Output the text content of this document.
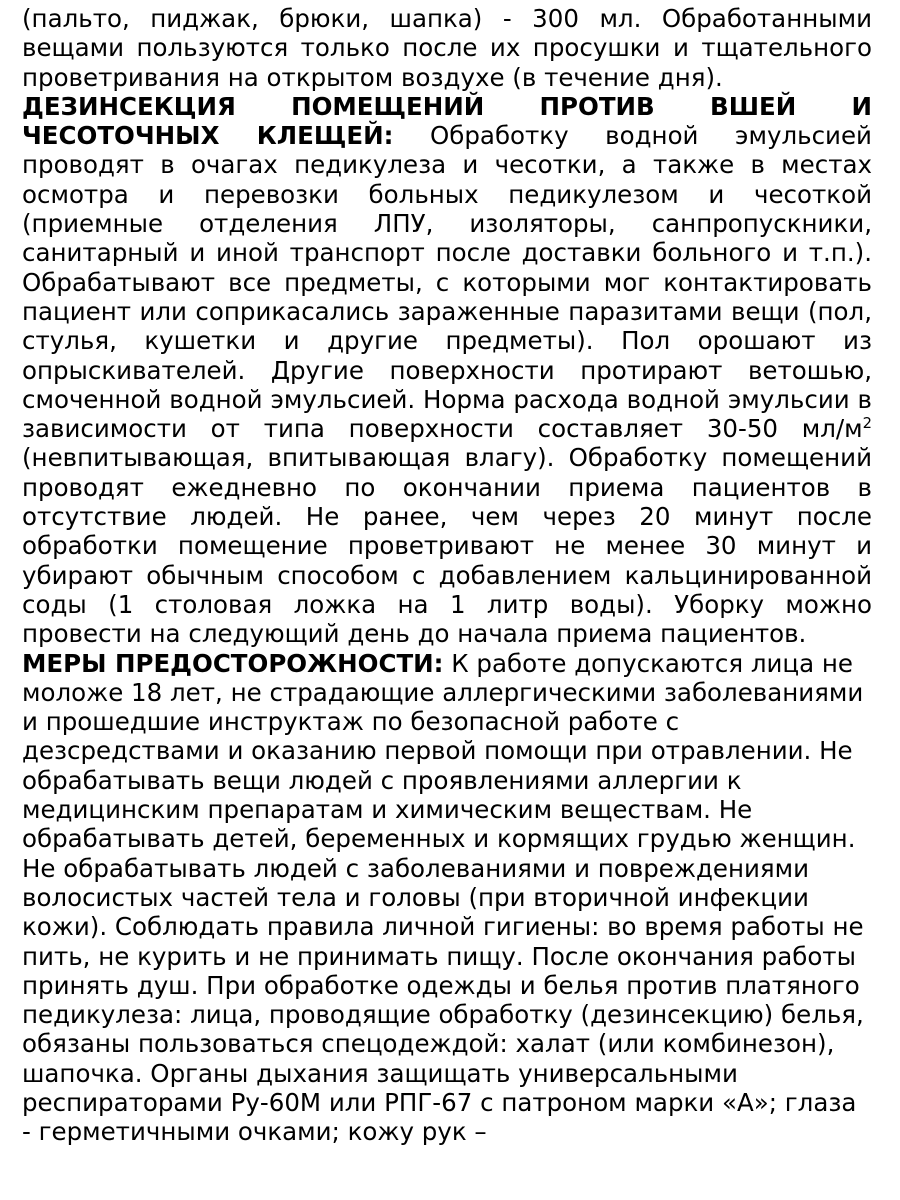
(пальто, пиджак, брюки, шапка) - 300 мл. Обработанными вещами пользуются только после их просушки и тщательного проветривания на открытом воздухе (в течение дня).

ДЕЗИНСЕКЦИЯ ПОМЕЩЕНИЙ ПРОТИВ ВШЕЙ И ЧЕСОТОЧНЫХ КЛЕЩЕЙ: Обработку водной эмульсией проводят в очагах педикулеза и чесотки, а также в местах осмотра и перевозки больных педикулезом и чесоткой (приемные отделения ЛПУ, изоляторы, санпропускники, санитарный и иной транспорт после доставки больного и т.п.). Обрабатывают все предметы, с которыми мог контактировать пациент или соприкасались зараженные паразитами вещи (пол, стулья, кушетки и другие предметы). Пол орошают из опрыскивателей. Другие поверхности протирают ветошью, смоченной водной эмульсией. Норма расхода водной эмульсии в зависимости от типа поверхности составляет 30-50 $мл/м^2$ (невпитывающая, впитывающая влагу). Обработку помещений проводят ежедневно по окончании приема пациентов в отсутствие людей. Не ранее, чем через 20 минут после обработки помещение проветривают не менее 30 минут и убирают обычным способом с добавлением кальцинированной соды (1 столовая ложка на 1 литр воды). Уборку можно провести на следующий день до начала приема пациентов.

МЕРЫ ПРЕДОСТОРОЖНОСТИ: К работе допускаются лица не моложе 18 лет, не страдающие аллергическими заболеваниями и прошедшие инструктаж по безопасной работе с дезсредствами и оказанию первой помощи при отравлении. Не обрабатывать вещи людей с проявлениями аллергии к медицинским препаратам и химическим веществам. Не обрабатывать детей, беременных и кормящих грудью женщин. Не обрабатывать людей с заболеваниями и повреждениями волосистых частей тела и головы (при вторичной инфекции кожи). Соблюдать правила личной гигиены: во время работы не пить, не курить и не принимать пищу. После окончания работы принять душ. При обработке одежды и белья против платяного педикулеза: лица, проводящие обработку (дезинсекцию) белья, обязаны пользоваться спецодеждой: халат (или комбинезон), шапочка. Органы дыхания защищать универсальными респираторами Ру-60М или РПГ-67 с патроном марки «А»; глаза - герметичными очками; кожу рук –
